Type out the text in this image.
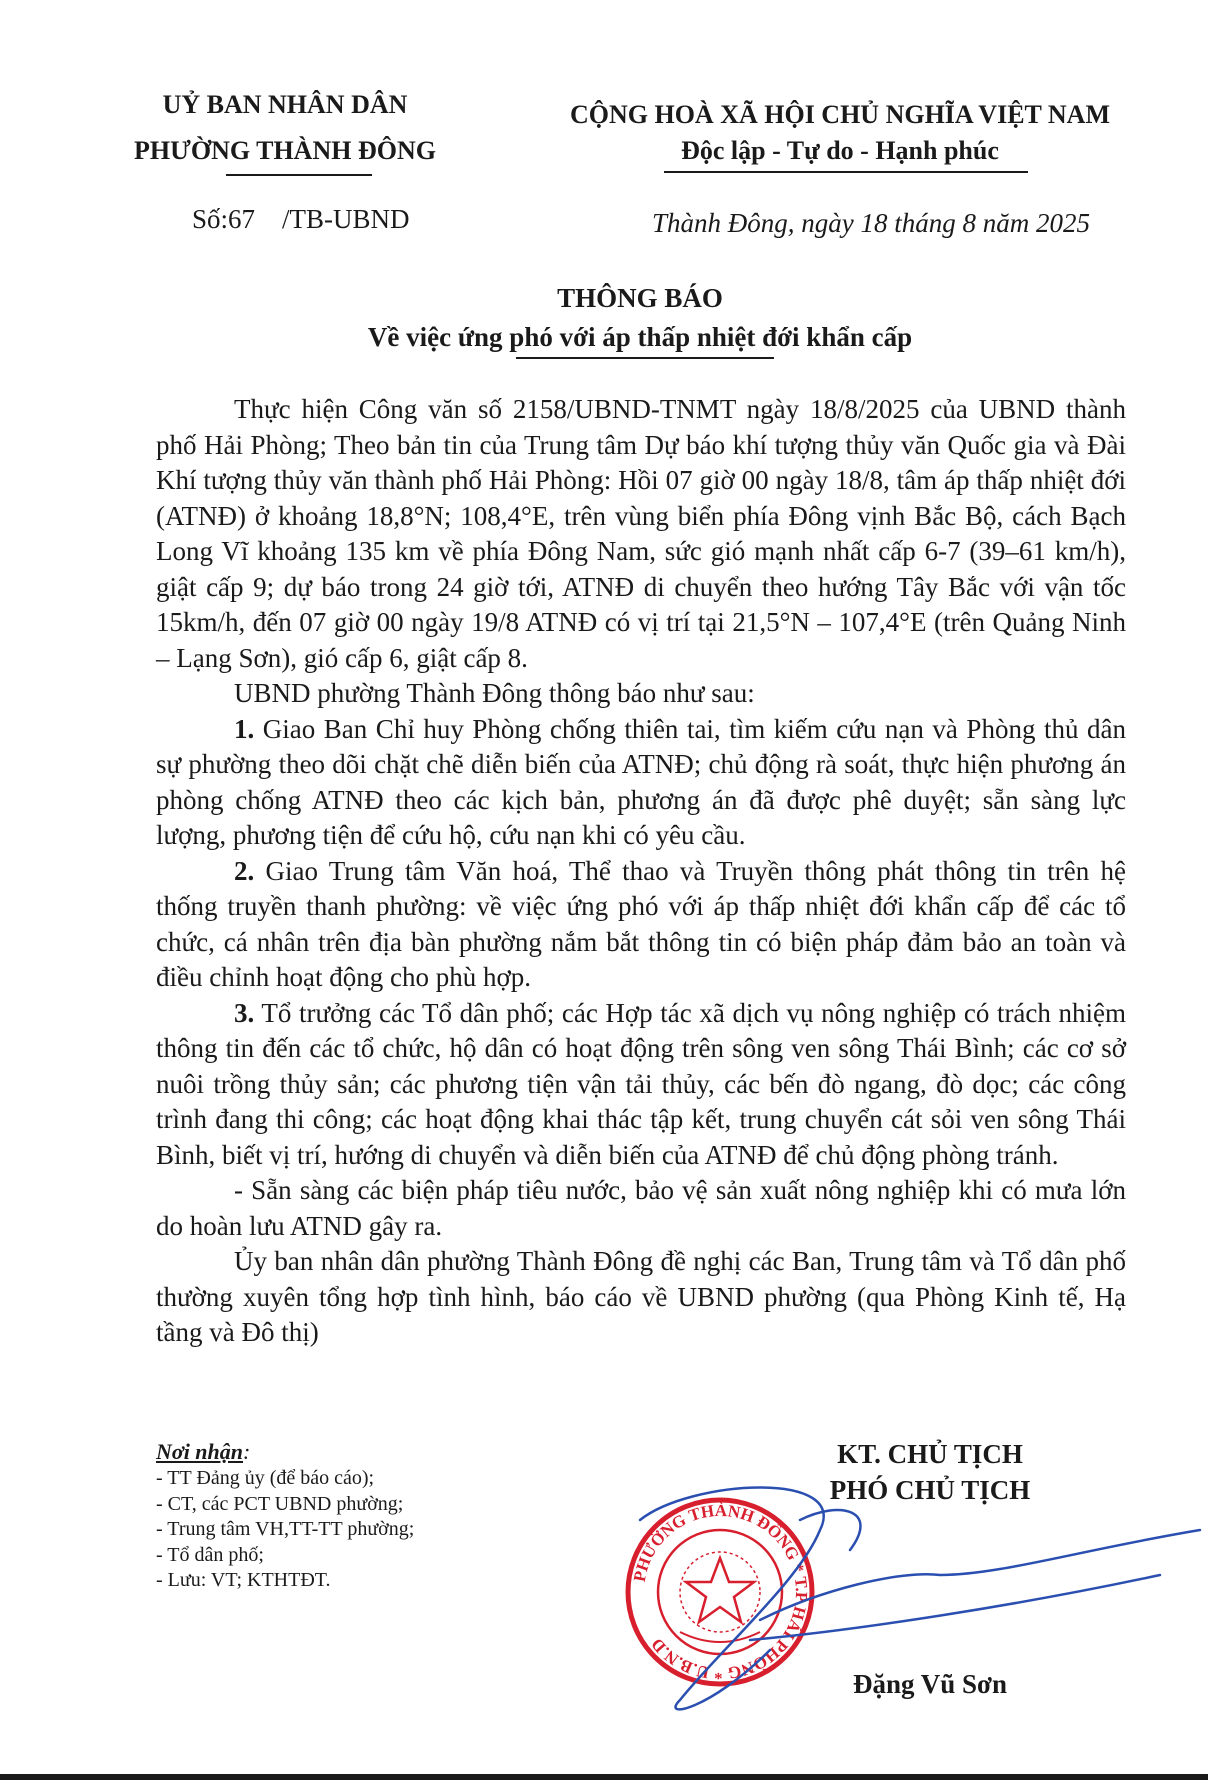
UỶ BAN NHÂN DÂN
PHƯỜNG THÀNH ĐÔNG
CỘNG HOÀ XÃ HỘI CHỦ NGHĨA VIỆT NAM
Độc lập - Tự do - Hạnh phúc
Số:67    /TB-UBND	Thành Đông, ngày 18 tháng 8 năm 2025
THÔNG BÁO
Về việc ứng phó với áp thấp nhiệt đới khẩn cấp

Thực hiện Công văn số 2158/UBND-TNMT ngày 18/8/2025 của UBND thành phố Hải Phòng; Theo bản tin của Trung tâm Dự báo khí tượng thủy văn Quốc gia và Đài Khí tượng thủy văn thành phố Hải Phòng: Hồi 07 giờ 00 ngày 18/8, tâm áp thấp nhiệt đới (ATNĐ) ở khoảng 18,8°N; 108,4°E, trên vùng biển phía Đông vịnh Bắc Bộ, cách Bạch Long Vĩ khoảng 135 km về phía Đông Nam, sức gió mạnh nhất cấp 6-7 (39–61 km/h), giật cấp 9; dự báo trong 24 giờ tới, ATNĐ di chuyển theo hướng Tây Bắc với vận tốc 15km/h, đến 07 giờ 00 ngày 19/8 ATNĐ có vị trí tại 21,5°N – 107,4°E (trên Quảng Ninh – Lạng Sơn), gió cấp 6, giật cấp 8.

UBND phường Thành Đông thông báo như sau:

1. Giao Ban Chỉ huy Phòng chống thiên tai, tìm kiếm cứu nạn và Phòng thủ dân sự phường theo dõi chặt chẽ diễn biến của ATNĐ; chủ động rà soát, thực hiện phương án phòng chống ATNĐ theo các kịch bản, phương án đã được phê duyệt; sẵn sàng lực lượng, phương tiện để cứu hộ, cứu nạn khi có yêu cầu.

2. Giao Trung tâm Văn hoá, Thể thao và Truyền thông phát thông tin trên hệ thống truyền thanh phường: về việc ứng phó với áp thấp nhiệt đới khẩn cấp để các tổ chức, cá nhân trên địa bàn phường nắm bắt thông tin có biện pháp đảm bảo an toàn và điều chỉnh hoạt động cho phù hợp.

3. Tổ trưởng các Tổ dân phố; các Hợp tác xã dịch vụ nông nghiệp có trách nhiệm thông tin đến các tổ chức, hộ dân có hoạt động trên sông ven sông Thái Bình; các cơ sở nuôi trồng thủy sản; các phương tiện vận tải thủy, các bến đò ngang, đò dọc; các công trình đang thi công; các hoạt động khai thác tập kết, trung chuyển cát sỏi ven sông Thái Bình, biết vị trí, hướng di chuyển và diễn biến của ATNĐ để chủ động phòng tránh.

- Sẵn sàng các biện pháp tiêu nước, bảo vệ sản xuất nông nghiệp khi có mưa lớn do hoàn lưu ATND gây ra.

Ủy ban nhân dân phường Thành Đông đề nghị các Ban, Trung tâm và Tổ dân phố thường xuyên tổng hợp tình hình, báo cáo về UBND phường (qua Phòng Kinh tế, Hạ tầng và Đô thị)

Nơi nhận:
- TT Đảng ủy (để báo cáo);
- CT, các PCT UBND phường;
- Trung tâm VH,TT-TT phường;
- Tổ dân phố;
- Lưu: VT; KTHTĐT.
KT. CHỦ TỊCH
PHÓ CHỦ TỊCH
PHƯỜNG THÀNH ĐÔNG * T.P HẢI PHÒNG * U.B.N.D
Đặng Vũ Sơn
